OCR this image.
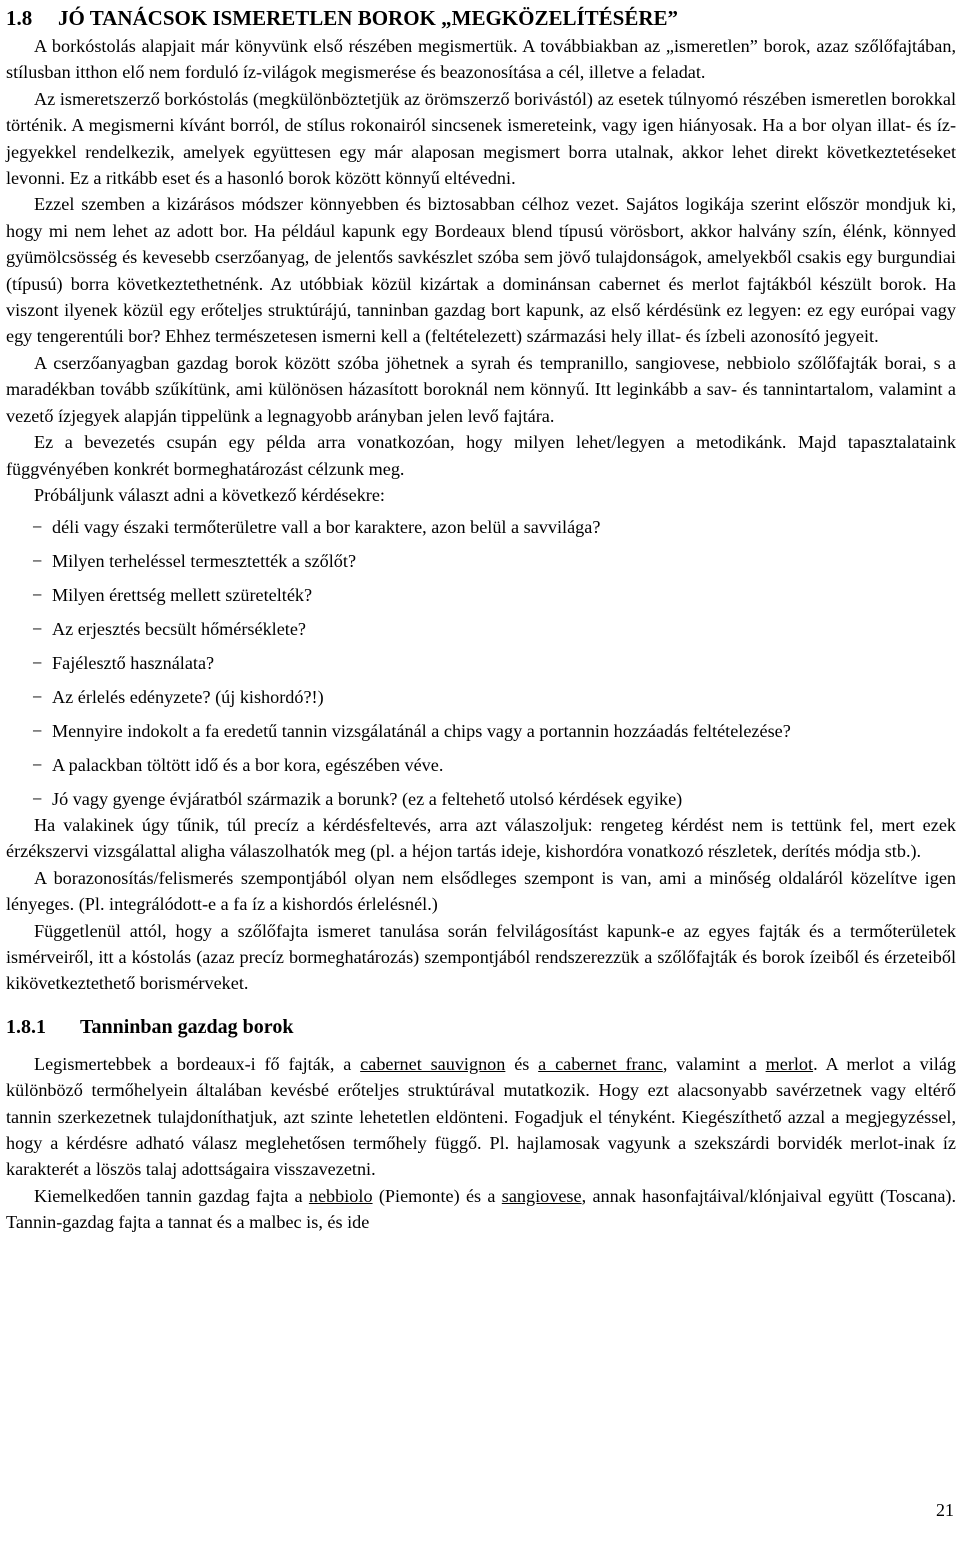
1.8 JÓ TANÁCSOK ISMERETLEN BOROK „MEGKÖZELÍTÉSÉRE”

A borkóstolás alapjait már könyvünk első részében megismertük. A továbbiakban az „ismeretlen” borok, azaz szőlőfajtában, stílusban itthon elő nem forduló íz-világok megismerése és beazonosítása a cél, illetve a feladat.

Az ismeretszerző borkóstolás (megkülönböztetjük az örömszerző borivástól) az esetek túlnyomó részében ismeretlen borokkal történik. A megismerni kívánt borról, de stílus rokonairól sincsenek ismereteink, vagy igen hiányosak. Ha a bor olyan illat- és íz-jegyekkel rendelkezik, amelyek együttesen egy már alaposan megismert borra utalnak, akkor lehet direkt következtetéseket levonni. Ez a ritkább eset és a hasonló borok között könnyű eltévedni.

Ezzel szemben a kizárásos módszer könnyebben és biztosabban célhoz vezet. Sajátos logikája szerint először mondjuk ki, hogy mi nem lehet az adott bor. Ha például kapunk egy Bordeaux blend típusú vörösbort, akkor halvány szín, élénk, könnyed gyümölcsösség és kevesebb cserzőanyag, de jelentős savkészlet szóba sem jövő tulajdonságok, amelyekből csakis egy burgundiai (típusú) borra következtethetnénk. Az utóbbiak közül kizártak a dominánsan cabernet és merlot fajtákból készült borok. Ha viszont ilyenek közül egy erőteljes struktúrájú, tanninban gazdag bort kapunk, az első kérdésünk ez legyen: ez egy európai vagy egy tengerentúli bor? Ehhez természetesen ismerni kell a (feltételezett) származási hely illat- és ízbeli azonosító jegyeit.

A cserzőanyagban gazdag borok között szóba jöhetnek a syrah és tempranillo, sangiovese, nebbiolo szőlőfajták borai, s a maradékban tovább szűkítünk, ami különösen házasított boroknál nem könnyű. Itt leginkább a sav- és tannintartalom, valamint a vezető ízjegyek alapján tippelünk a legnagyobb arányban jelen levő fajtára.

Ez a bevezetés csupán egy példa arra vonatkozóan, hogy milyen lehet/legyen a metodikánk. Majd tapasztalataink függvényében konkrét bormeghatározást célzunk meg.

Próbáljunk választ adni a következő kérdésekre:

− déli vagy északi termőterületre vall a bor karaktere, azon belül a savvilága?
− Milyen terheléssel termesztették a szőlőt?
− Milyen érettség mellett szüretelték?
− Az erjesztés becsült hőmérséklete?
− Fajélesztő használata?
− Az érlelés edényzete? (új kishordó?!)
− Mennyire indokolt a fa eredetű tannin vizsgálatánál a chips vagy a portannin hozzáadás feltételezése?
− A palackban töltött idő és a bor kora, egészében véve.
− Jó vagy gyenge évjáratból származik a borunk? (ez a feltehető utolsó kérdések egyike)

Ha valakinek úgy tűnik, túl precíz a kérdésfeltevés, arra azt válaszoljuk: rengeteg kérdést nem is tettünk fel, mert ezek érzékszervi vizsgálattal aligha válaszolhatók meg (pl. a héjon tartás ideje, kishordóra vonatkozó részletek, derítés módja stb.).

A borazonosítás/felismerés szempontjából olyan nem elsődleges szempont is van, ami a minőség oldaláról közelítve igen lényeges. (Pl. integrálódott-e a fa íz a kishordós érlelésnél.)

Függetlenül attól, hogy a szőlőfajta ismeret tanulása során felvilágosítást kapunk-e az egyes fajták és a termőterületek ismérveiről, itt a kóstolás (azaz precíz bormeghatározás) szempontjából rendszerezzük a szőlőfajták és borok ízeiből és érzeteiből kikövetkeztethető borismérveket.

1.8.1 Tanninban gazdag borok

Legismertebbek a bordeaux-i fő fajták, a cabernet sauvignon és a cabernet franc, valamint a merlot. A merlot a világ különböző termőhelyein általában kevésbé erőteljes struktúrával mutatkozik. Hogy ezt alacsonyabb savérzetnek vagy eltérő tannin szerkezetnek tulajdoníthatjuk, azt szinte lehetetlen eldönteni. Fogadjuk el tényként. Kiegészíthető azzal a megjegyzéssel, hogy a kérdésre adható válasz meglehetősen termőhely függő. Pl. hajlamosak vagyunk a szekszárdi borvidék merlot-inak íz karakterét a löszös talaj adottságaira visszavezetni.

Kiemelkedően tannin gazdag fajta a nebbiolo (Piemonte) és a sangiovese, annak hasonfajtáival/klónjaival együtt (Toscana). Tannin-gazdag fajta a tannat és a malbec is, és ide

21
